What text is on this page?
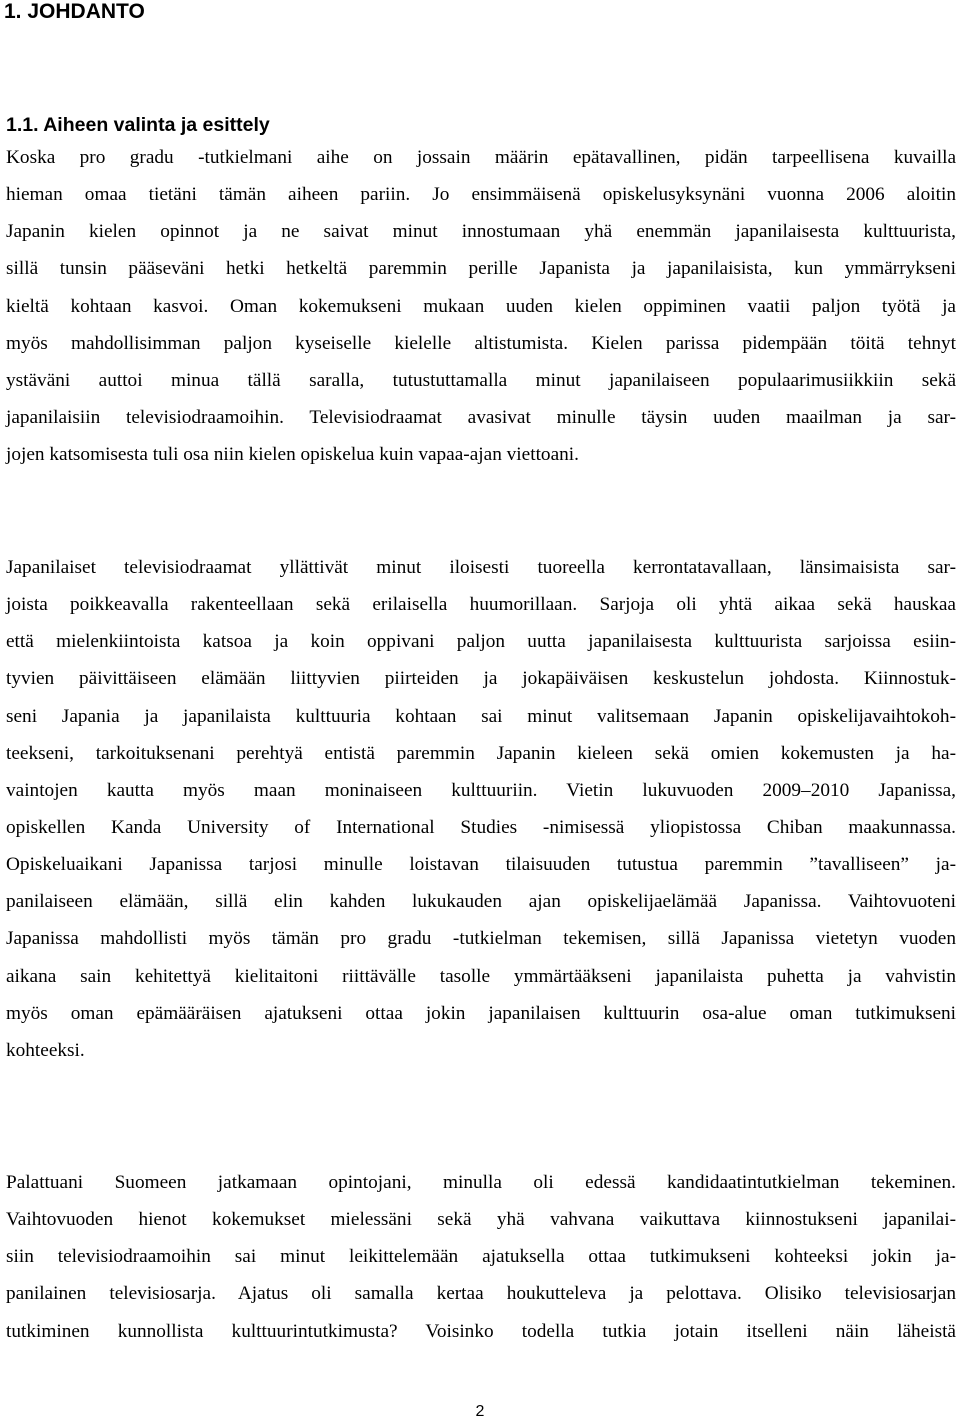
1. JOHDANTO
1.1. Aiheen valinta ja esittely
Koska pro gradu -tutkielmani aihe on jossain määrin epätavallinen, pidän tarpeellisena kuvailla
hieman omaa tietäni tämän aiheen pariin. Jo ensimmäisenä opiskelusyksynäni vuonna 2006 aloitin
Japanin kielen opinnot ja ne saivat minut innostumaan yhä enemmän japanilaisesta kulttuurista,
sillä tunsin pääseväni hetki hetkeltä paremmin perille Japanista ja japanilaisista, kun ymmärrykseni
kieltä kohtaan kasvoi. Oman kokemukseni mukaan uuden kielen oppiminen vaatii paljon työtä ja
myös mahdollisimman paljon kyseiselle kielelle altistumista. Kielen parissa pidempään töitä tehnyt
ystäväni auttoi minua tällä saralla, tutustuttamalla minut japanilaiseen populaarimusiikkiin sekä
japanilaisiin televisiodraamoihin. Televisiodraamat avasivat minulle täysin uuden maailman ja sar-
jojen katsomisesta tuli osa niin kielen opiskelua kuin vapaa-ajan viettoani.
Japanilaiset televisiodraamat yllättivät minut iloisesti tuoreella kerrontatavallaan, länsimaisista sar-
joista poikkeavalla rakenteellaan sekä erilaisella huumorillaan. Sarjoja oli yhtä aikaa sekä hauskaa
että mielenkiintoista katsoa ja koin oppivani paljon uutta japanilaisesta kulttuurista sarjoissa esiin-
tyvien päivittäiseen elämään liittyvien piirteiden ja jokapäiväisen keskustelun johdosta. Kiinnostuk-
seni Japania ja japanilaista kulttuuria kohtaan sai minut valitsemaan Japanin opiskelijavaihtokoh-
teekseni, tarkoituksenani perehtyä entistä paremmin Japanin kieleen sekä omien kokemusten ja ha-
vaintojen kautta myös maan moninaiseen kulttuuriin. Vietin lukuvuoden 2009–2010 Japanissa,
opiskellen Kanda University of International Studies -nimisessä yliopistossa Chiban maakunnassa.
Opiskeluaikani Japanissa tarjosi minulle loistavan tilaisuuden tutustua paremmin ”tavalliseen” ja-
panilaiseen elämään, sillä elin kahden lukukauden ajan opiskelijaelämää Japanissa. Vaihtovuoteni
Japanissa mahdollisti myös tämän pro gradu -tutkielman tekemisen, sillä Japanissa vietetyn vuoden
aikana sain kehitettyä kielitaitoni riittävälle tasolle ymmärtääkseni japanilaista puhetta ja vahvistin
myös oman epämääräisen ajatukseni ottaa jokin japanilaisen kulttuurin osa-alue oman tutkimukseni
kohteeksi.
Palattuani Suomeen jatkamaan opintojani, minulla oli edessä kandidaatintutkielman tekeminen.
Vaihtovuoden hienot kokemukset mielessäni sekä yhä vahvana vaikuttava kiinnostukseni japanilai-
siin televisiodraamoihin sai minut leikittelemään ajatuksella ottaa tutkimukseni kohteeksi jokin ja-
panilainen televisiosarja. Ajatus oli samalla kertaa houkutteleva ja pelottava. Olisiko televisiosarjan
tutkiminen kunnollista kulttuurintutkimusta? Voisinko todella tutkia jotain itselleni näin läheistä
2
